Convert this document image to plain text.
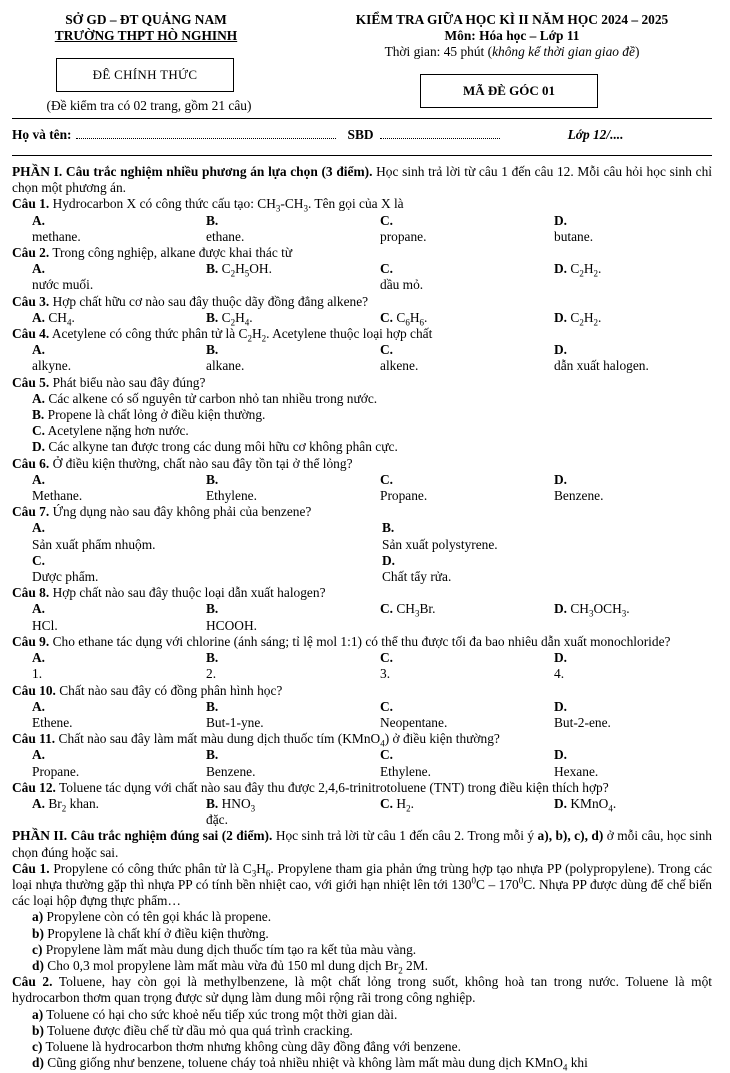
SỞ GD – ĐT QUẢNG NAM
TRƯỜNG THPT HÒ NGHINH
ĐÊ CHÍNH THỨC
(Đề kiểm tra có 02 trang, gồm 21 câu)
KIỂM TRA GIỮA HỌC KÌ II NĂM HỌC 2024 – 2025
Môn: Hóa học – Lớp 11
Thời gian: 45 phút (không kể thời gian giao đề)
MÃ ĐÈ GÓC 01
Họ và tên:	SBD	Lớp 12/....

PHẦN I. Câu trắc nghiệm nhiều phương án lựa chọn (3 điểm). Học sinh trả lời từ câu 1 đến câu 12. Mỗi câu hỏi học sinh chỉ chọn một phương án.

Câu 1. Hydrocarbon X có công thức cấu tạo: $CH_3-CH_3$. Tên gọi của X là

A. methane.
B. ethane.
C. propane.
D. butane.

Câu 2. Trong công nghiệp, alkane được khai thác từ

A. nước muối.
B. $C_2H_5OH$.	C. dầu mỏ.
D. $C_2H_2$.

Câu 3. Hợp chất hữu cơ nào sau đây thuộc dãy đồng đẳng alkene?

A. $CH_4$.	B. $C_2H_4$.	C. $C_6H_6$.	D. $C_2H_2$.

Câu 4. Acetylene có công thức phân tử là $C_2H_2$. Acetylene thuộc loại hợp chất

A. alkyne.
B. alkane.
C. alkene.
D. dẫn xuất halogen.

Câu 5. Phát biểu nào sau đây đúng?

A. Các alkene có số nguyên tử carbon nhỏ tan nhiều trong nước.
B. Propene là chất lỏng ở điều kiện thường.
C. Acetylene nặng hơn nước.
D. Các alkyne tan được trong các dung môi hữu cơ không phân cực.

Câu 6. Ở điều kiện thường, chất nào sau đây tồn tại ở thể lỏng?

A. Methane.
B. Ethylene.
C. Propane.
D. Benzene.

Câu 7. Ứng dụng nào sau đây không phải của benzene?

A. Sản xuất phẩm nhuộm.
B. Sản xuất polystyrene.
C. Dược phẩm.
D. Chất tẩy rửa.

Câu 8. Hợp chất nào sau đây thuộc loại dẫn xuất halogen?

A. HCl.
B. HCOOH.
C. $CH_3Br$.	D. $CH_3OCH_3$.

Câu 9. Cho ethane tác dụng với chlorine (ánh sáng; tỉ lệ mol 1:1) có thể thu được tối đa bao nhiêu dẫn xuất monochloride?

A. 1.
B. 2.
C. 3.
D. 4.

Câu 10. Chất nào sau đây có đồng phân hình học?

A. Ethene.
B. But-1-yne.
C. Neopentane.
D. But-2-ene.

Câu 11. Chất nào sau đây làm mất màu dung dịch thuốc tím (KMnO$_4$) ở điều kiện thường?

A. Propane.
B. Benzene.
C. Ethylene.
D. Hexane.

Câu 12. Toluene tác dụng với chất nào sau đây thu được 2,4,6-trinitrotoluene (TNT) trong điều kiện thích hợp?

A. $Br_2$ khan.	B. $HNO_3đặc$.
C. $H_2$.	D. KMnO$_4$.

PHẦN II. Câu trắc nghiệm đúng sai (2 điểm). Học sinh trả lời từ câu 1 đến câu 2. Trong mỗi ý a), b), c), d) ở mỗi câu, học sinh chọn đúng hoặc sai.

Câu 1. Propylene có công thức phân tử là $C_3H_6$. Propylene tham gia phản ứng trùng hợp tạo nhựa PP (polypropylene). Trong các loại nhựa thường gặp thì nhựa PP có tính bền nhiệt cao, với giới hạn nhiệt lên tới $130^0C - 170^0C$. Nhựa PP được dùng để chế biến các loại hộp đựng thực phẩm…

a) Propylene còn có tên gọi khác là propene.
b) Propylene là chất khí ở điều kiện thường.
c) Propylene làm mất màu dung dịch thuốc tím tạo ra kết tủa màu vàng.
d) Cho 0,3 mol propylene làm mất màu vừa đủ 150 ml dung dịch $Br_2$ 2M.

Câu 2. Toluene, hay còn gọi là methylbenzene, là một chất lỏng trong suốt, không hoà tan trong nước. Toluene là một hydrocarbon thơm quan trọng được sử dụng làm dung môi rộng rãi trong công nghiệp.

a) Toluene có hại cho sức khoẻ nếu tiếp xúc trong một thời gian dài.
b) Toluene được điều chế từ dầu mỏ qua quá trình cracking.
c) Toluene là hydrocarbon thơm nhưng không cùng dãy đồng đẳng với benzene.
d) Cũng giống như benzene, toluene cháy toả nhiều nhiệt và không làm mất màu dung dịch KMnO$_4$ khi
